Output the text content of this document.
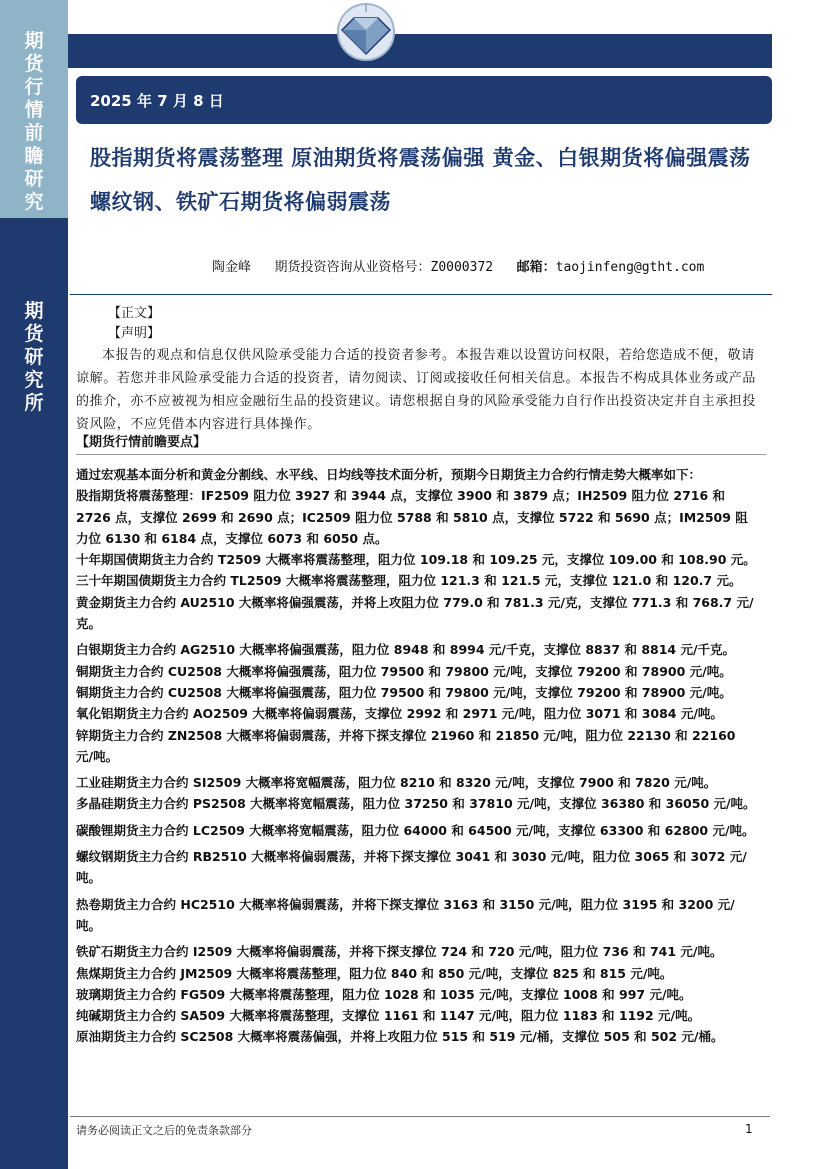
期
货
行
情
前
瞻
研
究
期
货
研
究
所
2025 年 7 月 8 日
股指期货将震荡整理 原油期货将震荡偏强 黄金、白银期货将偏强震荡 螺纹钢、铁矿石期货将偏弱震荡
陶金峰 期货投资咨询从业资格号：Z0000372 邮箱：taojinfeng@gtht.com
【正文】
【声明】
本报告的观点和信息仅供风险承受能力合适的投资者参考。本报告难以设置访问权限，若给您造成不便，敬请谅解。若您并非风险承受能力合适的投资者，请勿阅读、订阅或接收任何相关信息。本报告不构成具体业务或产品的推介，亦不应被视为相应金融衍生品的投资建议。请您根据自身的风险承受能力自行作出投资决定并自主承担投资风险，不应凭借本内容进行具体操作。
【期货行情前瞻要点】

通过宏观基本面分析和黄金分割线、水平线、日均线等技术面分析，预期今日期货主力合约行情走势大概率如下：

股指期货将震荡整理：IF2509 阻力位 3927 和 3944 点，支撑位 3900 和 3879 点；IH2509 阻力位 2716 和 2726 点，支撑位 2699 和 2690 点；IC2509 阻力位 5788 和 5810 点，支撑位 5722 和 5690 点；IM2509 阻力位 6130 和 6184 点，支撑位 6073 和 6050 点。

十年期国债期货主力合约 T2509 大概率将震荡整理，阻力位 109.18 和 109.25 元，支撑位 109.00 和 108.90 元。

三十年期国债期货主力合约 TL2509 大概率将震荡整理，阻力位 121.3 和 121.5 元，支撑位 121.0 和 120.7 元。

黄金期货主力合约 AU2510 大概率将偏强震荡，并将上攻阻力位 779.0 和 781.3 元/克，支撑位 771.3 和 768.7 元/克。

白银期货主力合约 AG2510 大概率将偏强震荡，阻力位 8948 和 8994 元/千克，支撑位 8837 和 8814 元/千克。

铜期货主力合约 CU2508 大概率将偏强震荡，阻力位 79500 和 79800 元/吨，支撑位 79200 和 78900 元/吨。

铜期货主力合约 CU2508 大概率将偏强震荡，阻力位 79500 和 79800 元/吨，支撑位 79200 和 78900 元/吨。

氧化铝期货主力合约 AO2509 大概率将偏弱震荡，支撑位 2992 和 2971 元/吨，阻力位 3071 和 3084 元/吨。

锌期货主力合约 ZN2508 大概率将偏弱震荡，并将下探支撑位 21960 和 21850 元/吨，阻力位 22130 和 22160 元/吨。

工业硅期货主力合约 SI2509 大概率将宽幅震荡，阻力位 8210 和 8320 元/吨，支撑位 7900 和 7820 元/吨。

多晶硅期货主力合约 PS2508 大概率将宽幅震荡，阻力位 37250 和 37810 元/吨，支撑位 36380 和 36050 元/吨。

碳酸锂期货主力合约 LC2509 大概率将宽幅震荡，阻力位 64000 和 64500 元/吨，支撑位 63300 和 62800 元/吨。

螺纹钢期货主力合约 RB2510 大概率将偏弱震荡，并将下探支撑位 3041 和 3030 元/吨，阻力位 3065 和 3072 元/吨。

热卷期货主力合约 HC2510 大概率将偏弱震荡，并将下探支撑位 3163 和 3150 元/吨，阻力位 3195 和 3200 元/吨。

铁矿石期货主力合约 I2509 大概率将偏弱震荡，并将下探支撑位 724 和 720 元/吨，阻力位 736 和 741 元/吨。

焦煤期货主力合约 JM2509 大概率将震荡整理，阻力位 840 和 850 元/吨，支撑位 825 和 815 元/吨。

玻璃期货主力合约 FG509 大概率将震荡整理，阻力位 1028 和 1035 元/吨，支撑位 1008 和 997 元/吨。

纯碱期货主力合约 SA509 大概率将震荡整理，支撑位 1161 和 1147 元/吨，阻力位 1183 和 1192 元/吨。

原油期货主力合约 SC2508 大概率将震荡偏强，并将上攻阻力位 515 和 519 元/桶，支撑位 505 和 502 元/桶。

请务必阅读正文之后的免责条款部分	1
